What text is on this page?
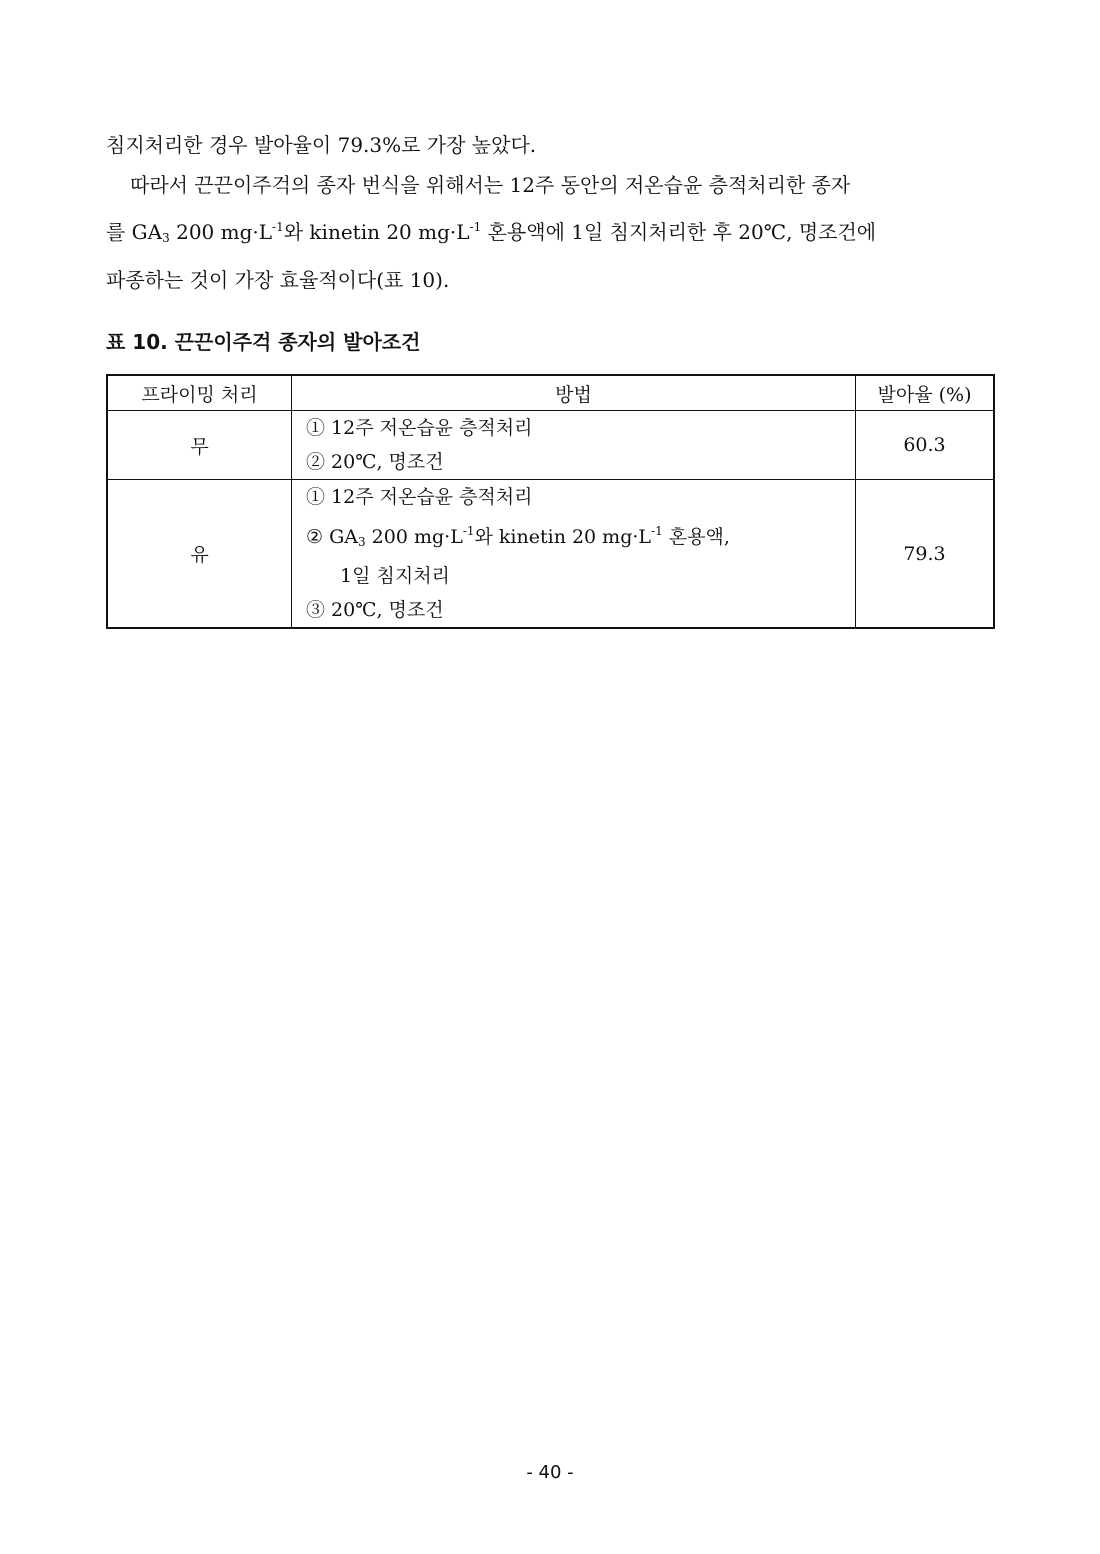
침지처리한 경우 발아율이 79.3%로 가장 높았다.
따라서 끈끈이주걱의 종자 번식을 위해서는 12주 동안의 저온습윤 층적처리한 종자
를 $GA_3$ 200 $mg\cdot L^{-1}$와 kinetin 20 $mg\cdot L^{-1}$ 혼용액에 1일 침지처리한 후 20℃, 명조건에
파종하는 것이 가장 효율적이다(표 10).
표 10. 끈끈이주걱 종자의 발아조건
프라이밍 처리	방법	발아율 (%)
무	① 12주 저온습윤 층적처리
② 20℃, 명조건	60.3
유	① 12주 저온습윤 층적처리
② $GA_3$ 200 $mg\cdot L^{-1}$와 kinetin 20 $mg\cdot L^{-1}$ 혼용액,
1일 침지처리
③ 20℃, 명조건	79.3
- 40 -
